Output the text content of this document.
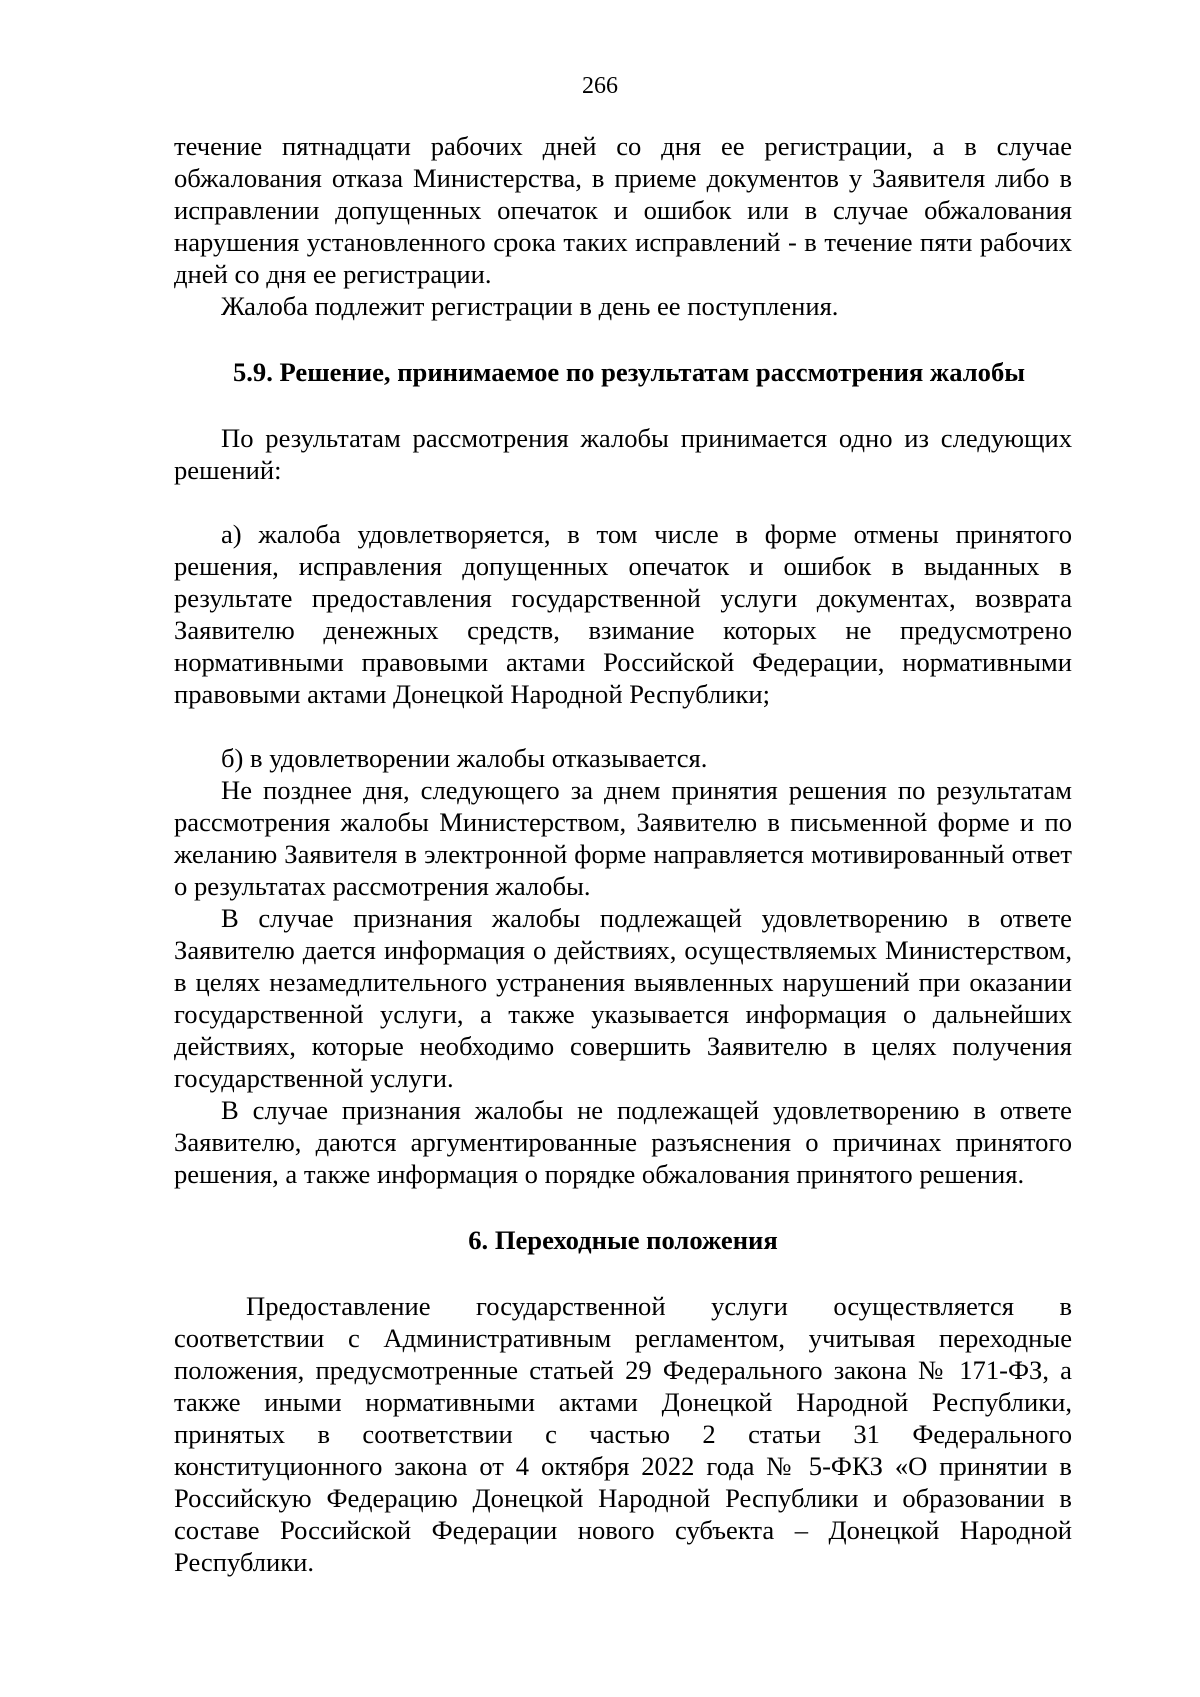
266

течение пятнадцати рабочих дней со дня ее регистрации, а в случае обжалования отказа Министерства, в приеме документов у Заявителя либо в исправлении допущенных опечаток и ошибок или в случае обжалования нарушения установленного срока таких исправлений - в течение пяти рабочих дней со дня ее регистрации.

Жалоба подлежит регистрации в день ее поступления.

5.9. Решение, принимаемое по результатам рассмотрения жалобы

По результатам рассмотрения жалобы принимается одно из следующих решений:

а) жалоба удовлетворяется, в том числе в форме отмены принятого решения, исправления допущенных опечаток и ошибок в выданных в результате предоставления государственной услуги документах, возврата Заявителю денежных средств, взимание которых не предусмотрено нормативными правовыми актами Российской Федерации, нормативными правовыми актами Донецкой Народной Республики;

б) в удовлетворении жалобы отказывается.

Не позднее дня, следующего за днем принятия решения по результатам рассмотрения жалобы Министерством, Заявителю в письменной форме и по желанию Заявителя в электронной форме направляется мотивированный ответ о результатах рассмотрения жалобы.

В случае признания жалобы подлежащей удовлетворению в ответе Заявителю дается информация о действиях, осуществляемых Министерством, в целях незамедлительного устранения выявленных нарушений при оказании государственной услуги, а также указывается информация о дальнейших действиях, которые необходимо совершить Заявителю в целях получения государственной услуги.

В случае признания жалобы не подлежащей удовлетворению в ответе Заявителю, даются аргументированные разъяснения о причинах принятого решения, а также информация о порядке обжалования принятого решения.

6. Переходные положения

Предоставление государственной услуги осуществляется в соответствии с Административным регламентом, учитывая переходные положения, предусмотренные статьей 29 Федерального закона № 171-ФЗ, а также иными нормативными актами Донецкой Народной Республики, принятых в соответствии с частью 2 статьи 31 Федерального конституционного закона от 4 октября 2022 года № 5-ФКЗ «О принятии в Российскую Федерацию Донецкой Народной Республики и образовании в составе Российской Федерации нового субъекта – Донецкой Народной Республики.
